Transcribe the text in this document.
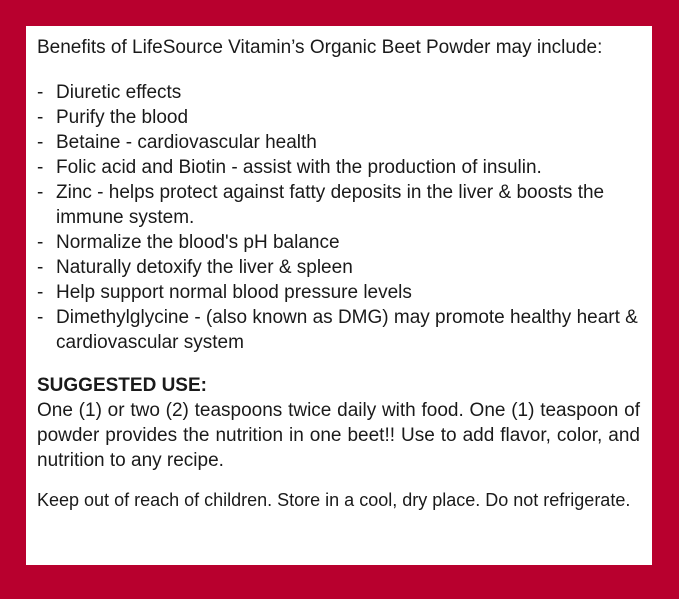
Benefits of LifeSource Vitamin’s Organic Beet Powder may include:

- Diuretic effects
- Purify the blood
- Betaine - cardiovascular health
- Folic acid and Biotin - assist with the production of insulin.
- Zinc - helps protect against fatty deposits in the liver & boosts the immune system.
- Normalize the blood's pH balance
- Naturally detoxify the liver & spleen
- Help support normal blood pressure levels
- Dimethylglycine - (also known as DMG) may promote healthy heart & cardiovascular system

SUGGESTED USE:

One (1) or two (2) teaspoons twice daily with food. One (1) teaspoon of powder provides the nutrition in one beet!! Use to add flavor, color, and nutrition to any recipe.

Keep out of reach of children. Store in a cool, dry place. Do not refrigerate.
